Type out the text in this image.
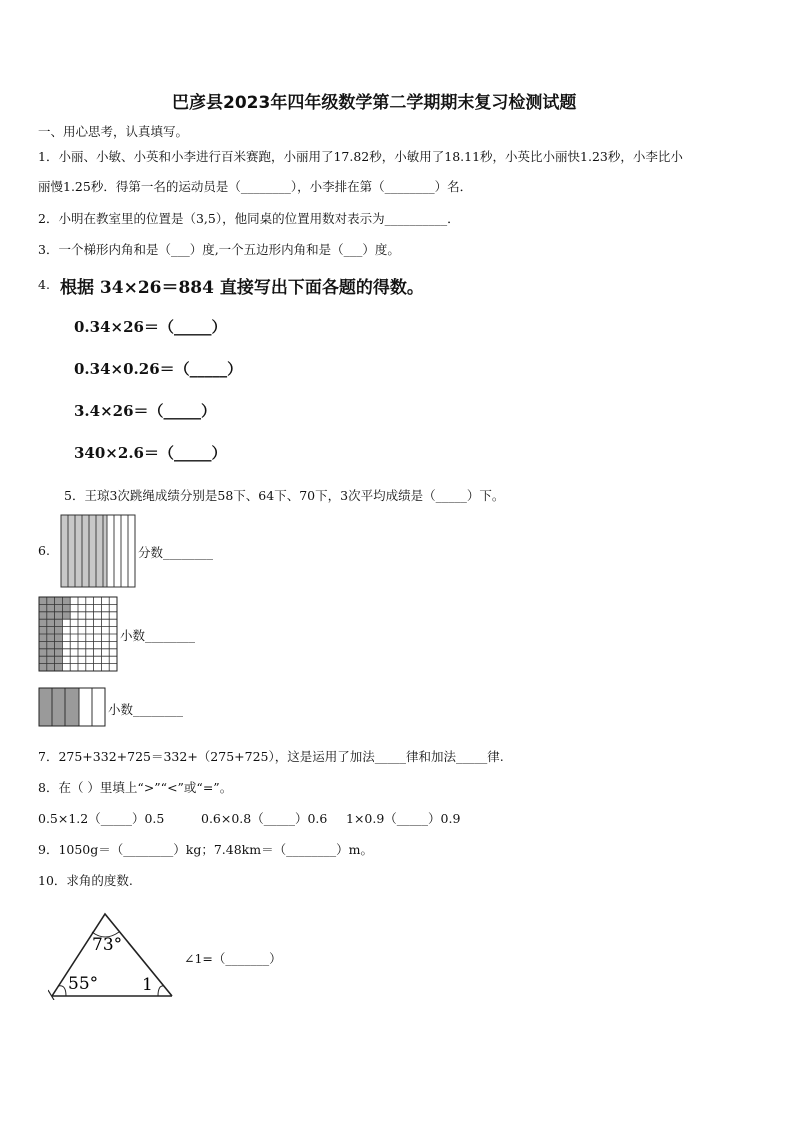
巴彦县2023年四年级数学第二学期期末复习检测试题
一、用心思考，认真填写。
1．小丽、小敏、小英和小李进行百米赛跑，小丽用了17.82秒，小敏用了18.11秒，小英比小丽快1.23秒，小李比小
丽慢1.25秒．得第一名的运动员是（________），小李排在第（________）名．
2．小明在教室里的位置是（3,5），他同桌的位置用数对表示为__________．
3．一个梯形内角和是（___）度,一个五边形内角和是（___）度。
4. 根据 34×26＝884 直接写出下面各题的得数。
0.34×26＝（_____）
0.34×0.26＝（_____）
3.4×26＝（_____）
340×2.6＝（_____）
5．王琼3次跳绳成绩分别是58下、64下、70下，3次平均成绩是（_____）下。
6.	分数________
小数________
小数________
7．275+332+725＝332+（275+725），这是运用了加法_____律和加法_____律.
8．在（ ）里填上“>”“<”或“=”。
0.5×1.2（_____）0.5	0.6×0.8（_____）0.6 1×0.9（_____）0.9
9．1050g＝（________）kg；7.48km＝（________）m。
10．求角的度数.
73°
55°	1
∠1=（_______）
